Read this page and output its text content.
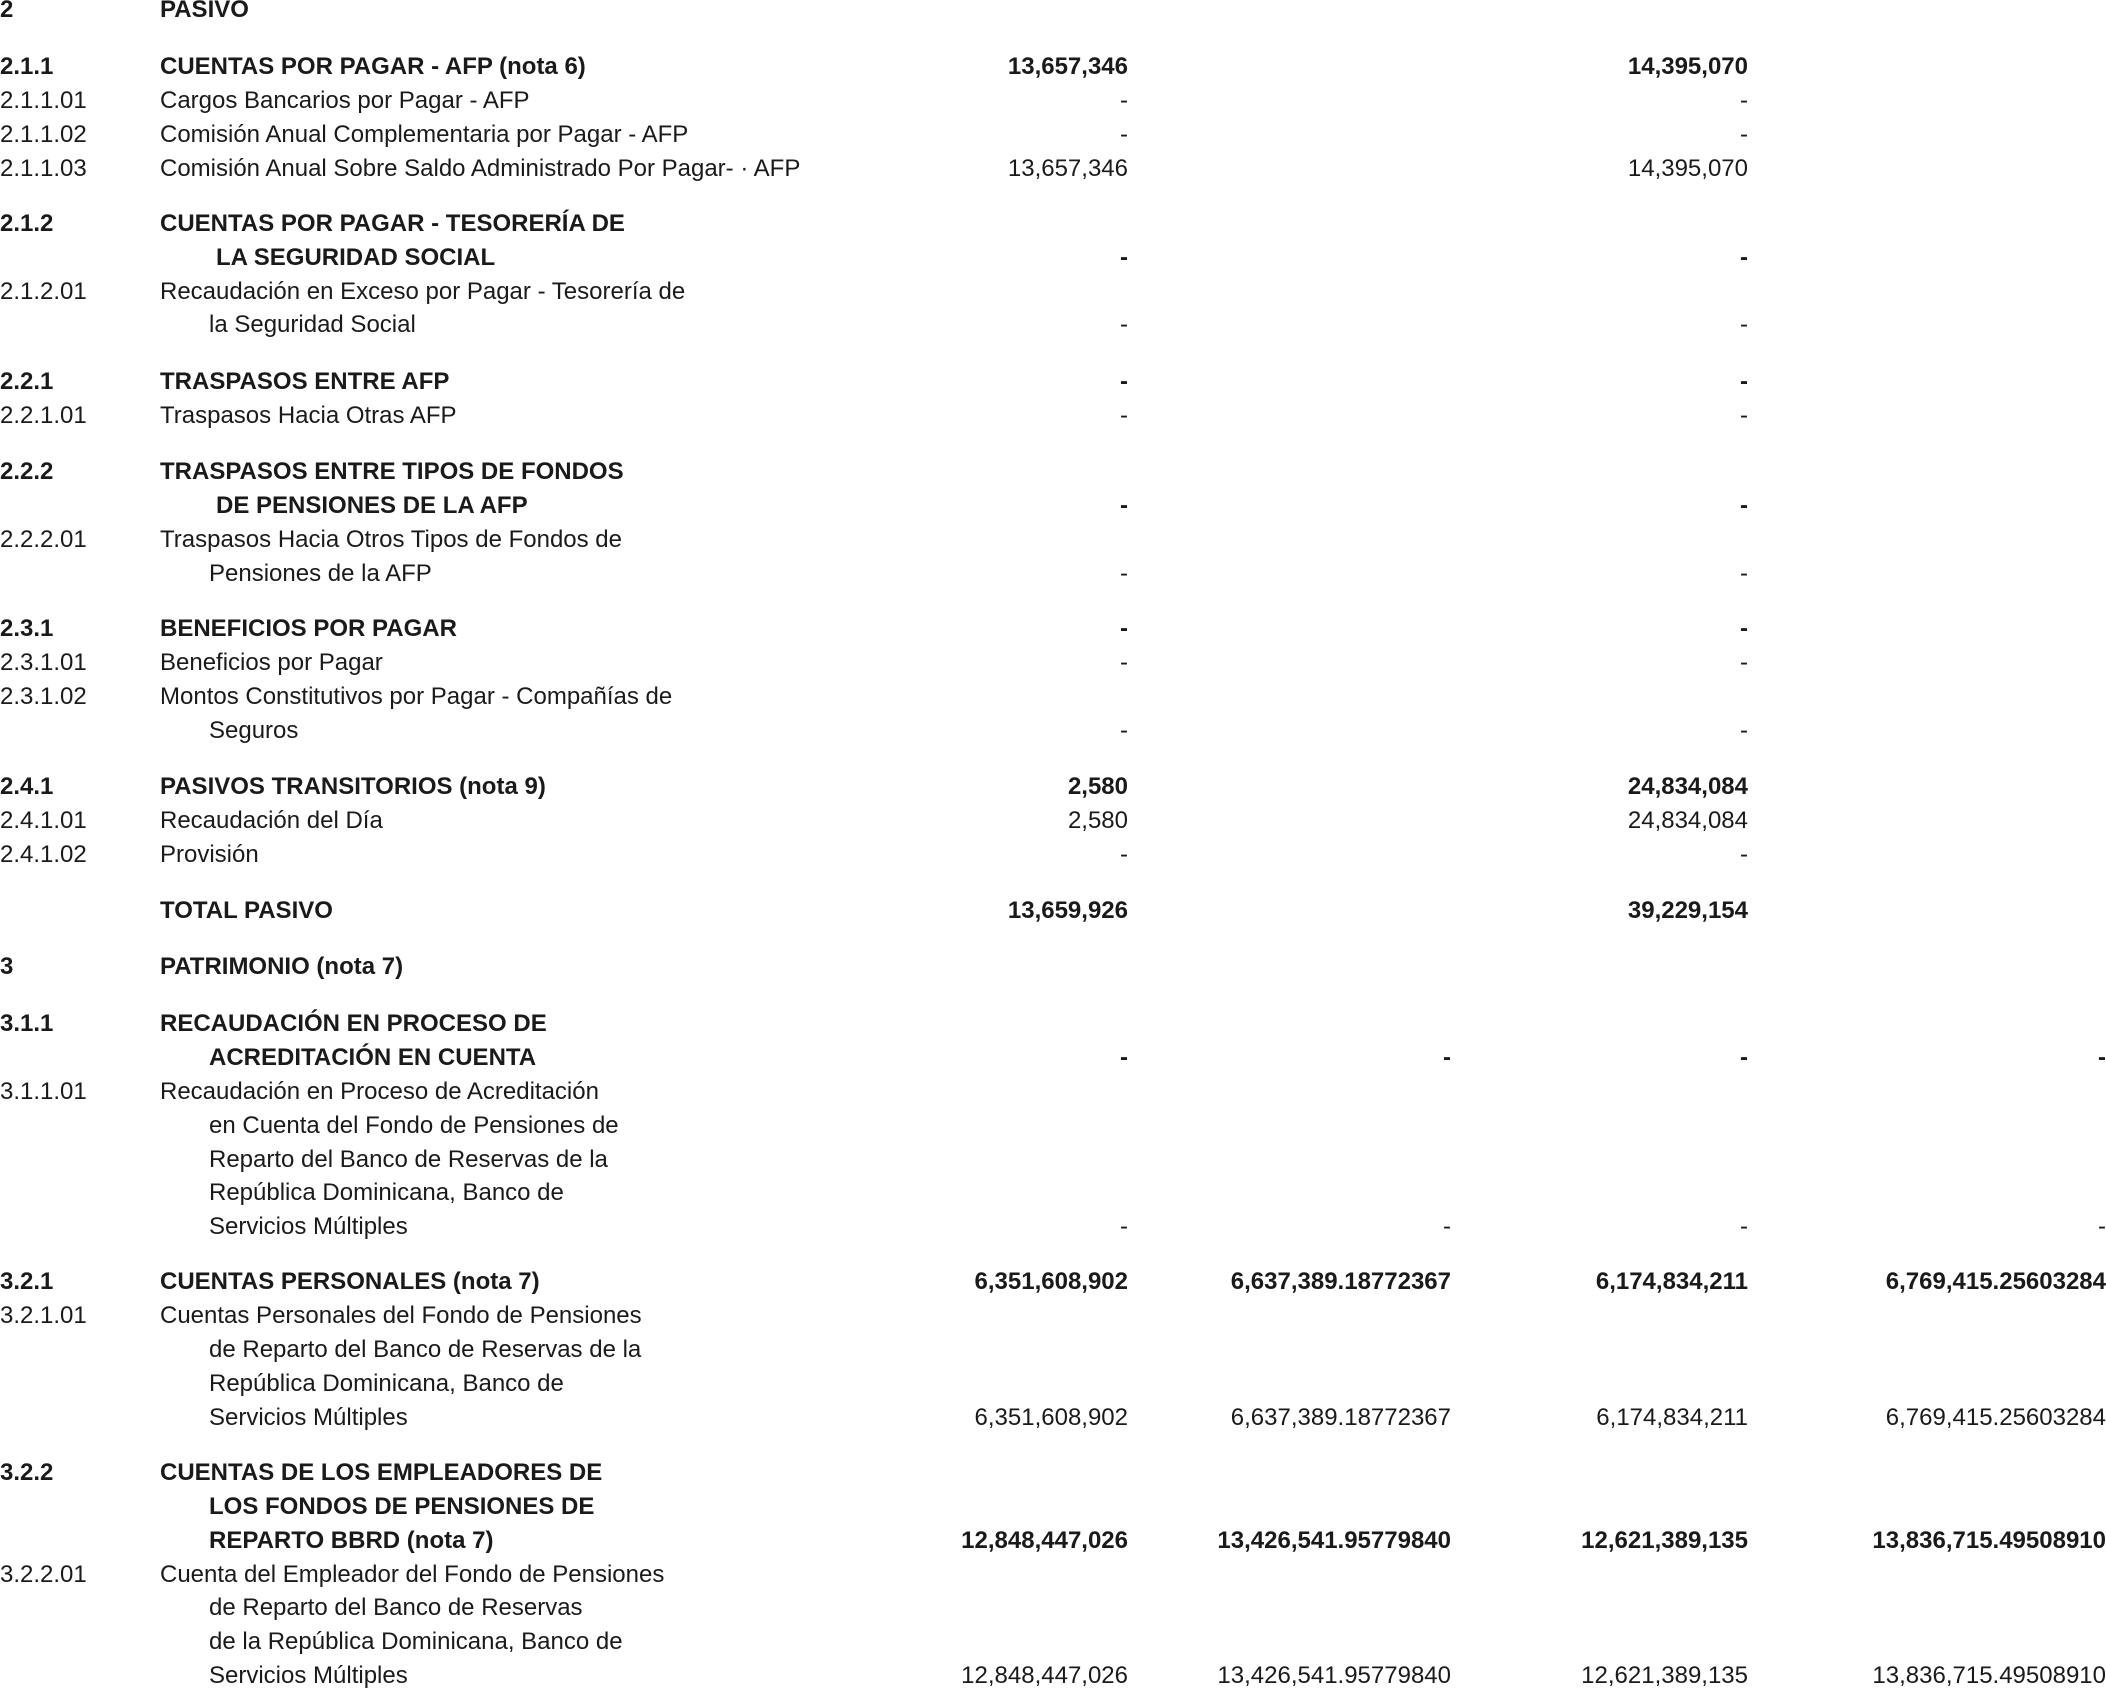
2	PASIVO
2.1.1	CUENTAS POR PAGAR - AFP (nota 6)	13,657,346	14,395,070
2.1.1.01	Cargos Bancarios por Pagar - AFP	-	-
2.1.1.02	Comisión Anual Complementaria por Pagar - AFP	-	-
2.1.1.03	Comisión Anual Sobre Saldo Administrado Por Pagar- · AFP	13,657,346	14,395,070
2.1.2	CUENTAS POR PAGAR - TESORERÍA DE
LA SEGURIDAD SOCIAL	-	-
2.1.2.01	Recaudación en Exceso por Pagar - Tesorería de
la Seguridad Social	-	-
2.2.1	TRASPASOS ENTRE AFP	-	-
2.2.1.01	Traspasos Hacia Otras AFP	-	-
2.2.2	TRASPASOS ENTRE TIPOS DE FONDOS
DE PENSIONES DE LA AFP	-	-
2.2.2.01	Traspasos Hacia Otros Tipos de Fondos de
Pensiones de la AFP	-	-
2.3.1	BENEFICIOS POR PAGAR	-	-
2.3.1.01	Beneficios por Pagar	-	-
2.3.1.02	Montos Constitutivos por Pagar - Compañías de
Seguros	-	-
2.4.1	PASIVOS TRANSITORIOS (nota 9)	2,580	24,834,084
2.4.1.01	Recaudación del Día	2,580	24,834,084
2.4.1.02	Provisión	-	-
TOTAL PASIVO	13,659,926	39,229,154
3	PATRIMONIO (nota 7)
3.1.1	RECAUDACIÓN EN PROCESO DE
ACREDITACIÓN EN CUENTA	-	-	-	-
3.1.1.01	Recaudación en Proceso de Acreditación
en Cuenta del Fondo de Pensiones de
Reparto del Banco de Reservas de la
República Dominicana, Banco de
Servicios Múltiples	-	-	-	-
3.2.1	CUENTAS PERSONALES (nota 7)	6,351,608,902	6,637,389.18772367	6,174,834,211	6,769,415.25603284
3.2.1.01	Cuentas Personales del Fondo de Pensiones
de Reparto del Banco de Reservas de la
República Dominicana, Banco de
Servicios Múltiples	6,351,608,902	6,637,389.18772367	6,174,834,211	6,769,415.25603284
3.2.2	CUENTAS DE LOS EMPLEADORES DE
LOS FONDOS DE PENSIONES DE
REPARTO BBRD (nota 7)	12,848,447,026	13,426,541.95779840	12,621,389,135	13,836,715.49508910
3.2.2.01	Cuenta del Empleador del Fondo de Pensiones
de Reparto del Banco de Reservas
de la República Dominicana, Banco de
Servicios Múltiples	12,848,447,026	13,426,541.95779840	12,621,389,135	13,836,715.49508910
